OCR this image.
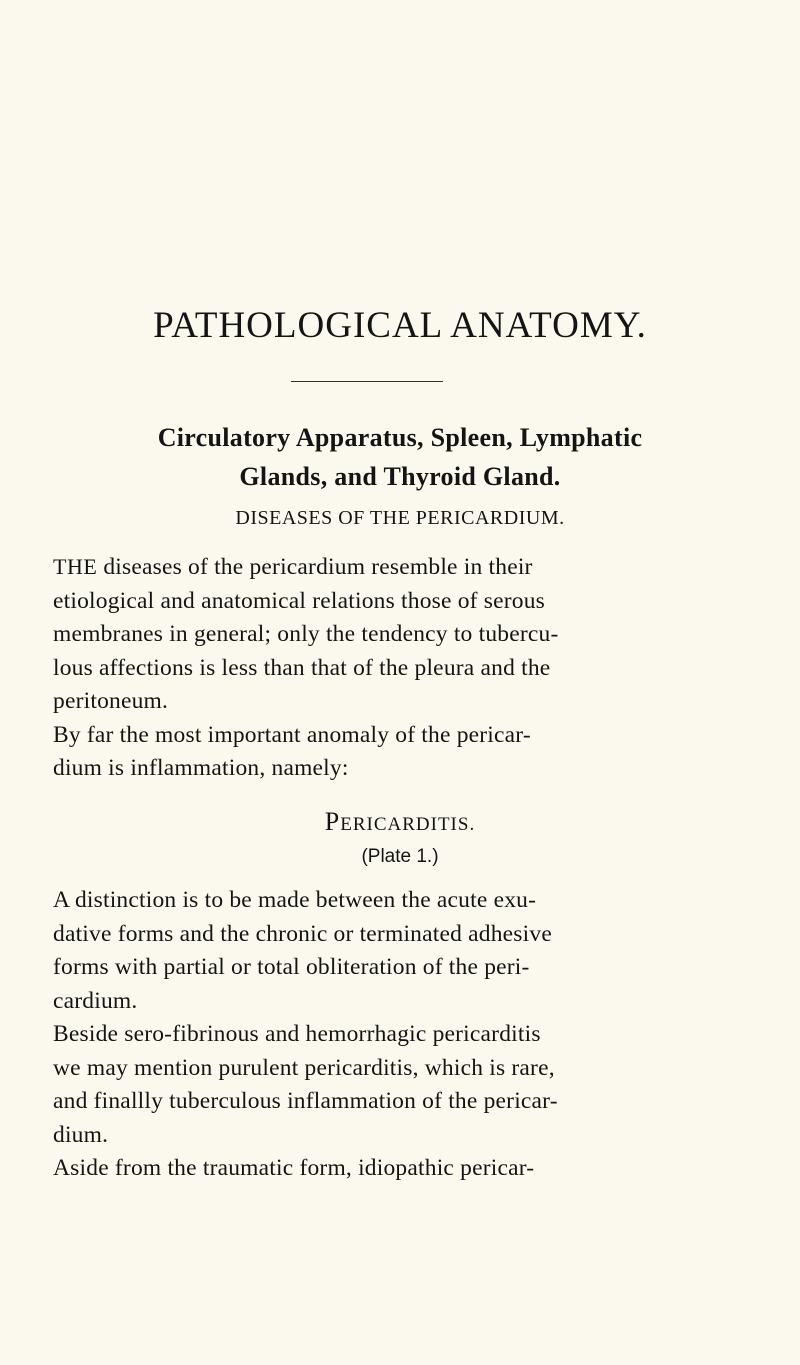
PATHOLOGICAL ANATOMY.
Circulatory Apparatus, Spleen, Lymphatic
Glands, and Thyroid Gland.
DISEASES OF THE PERICARDIUM.

THE diseases of the pericardium resemble in their
etiological and anatomical relations those of serous
membranes in general; only the tendency to tubercu-
lous affections is less than that of the pleura and the
peritoneum.

By far the most important anomaly of the pericar-
dium is inflammation, namely:

PERICARDITIS.

(Plate 1.)

A distinction is to be made between the acute exu-
dative forms and the chronic or terminated adhesive
forms with partial or total obliteration of the peri-
cardium.

Beside sero-fibrinous and hemorrhagic pericarditis
we may mention purulent pericarditis, which is rare,
and finallly tuberculous inflammation of the pericar-
dium.

Aside from the traumatic form, idiopathic pericar-
